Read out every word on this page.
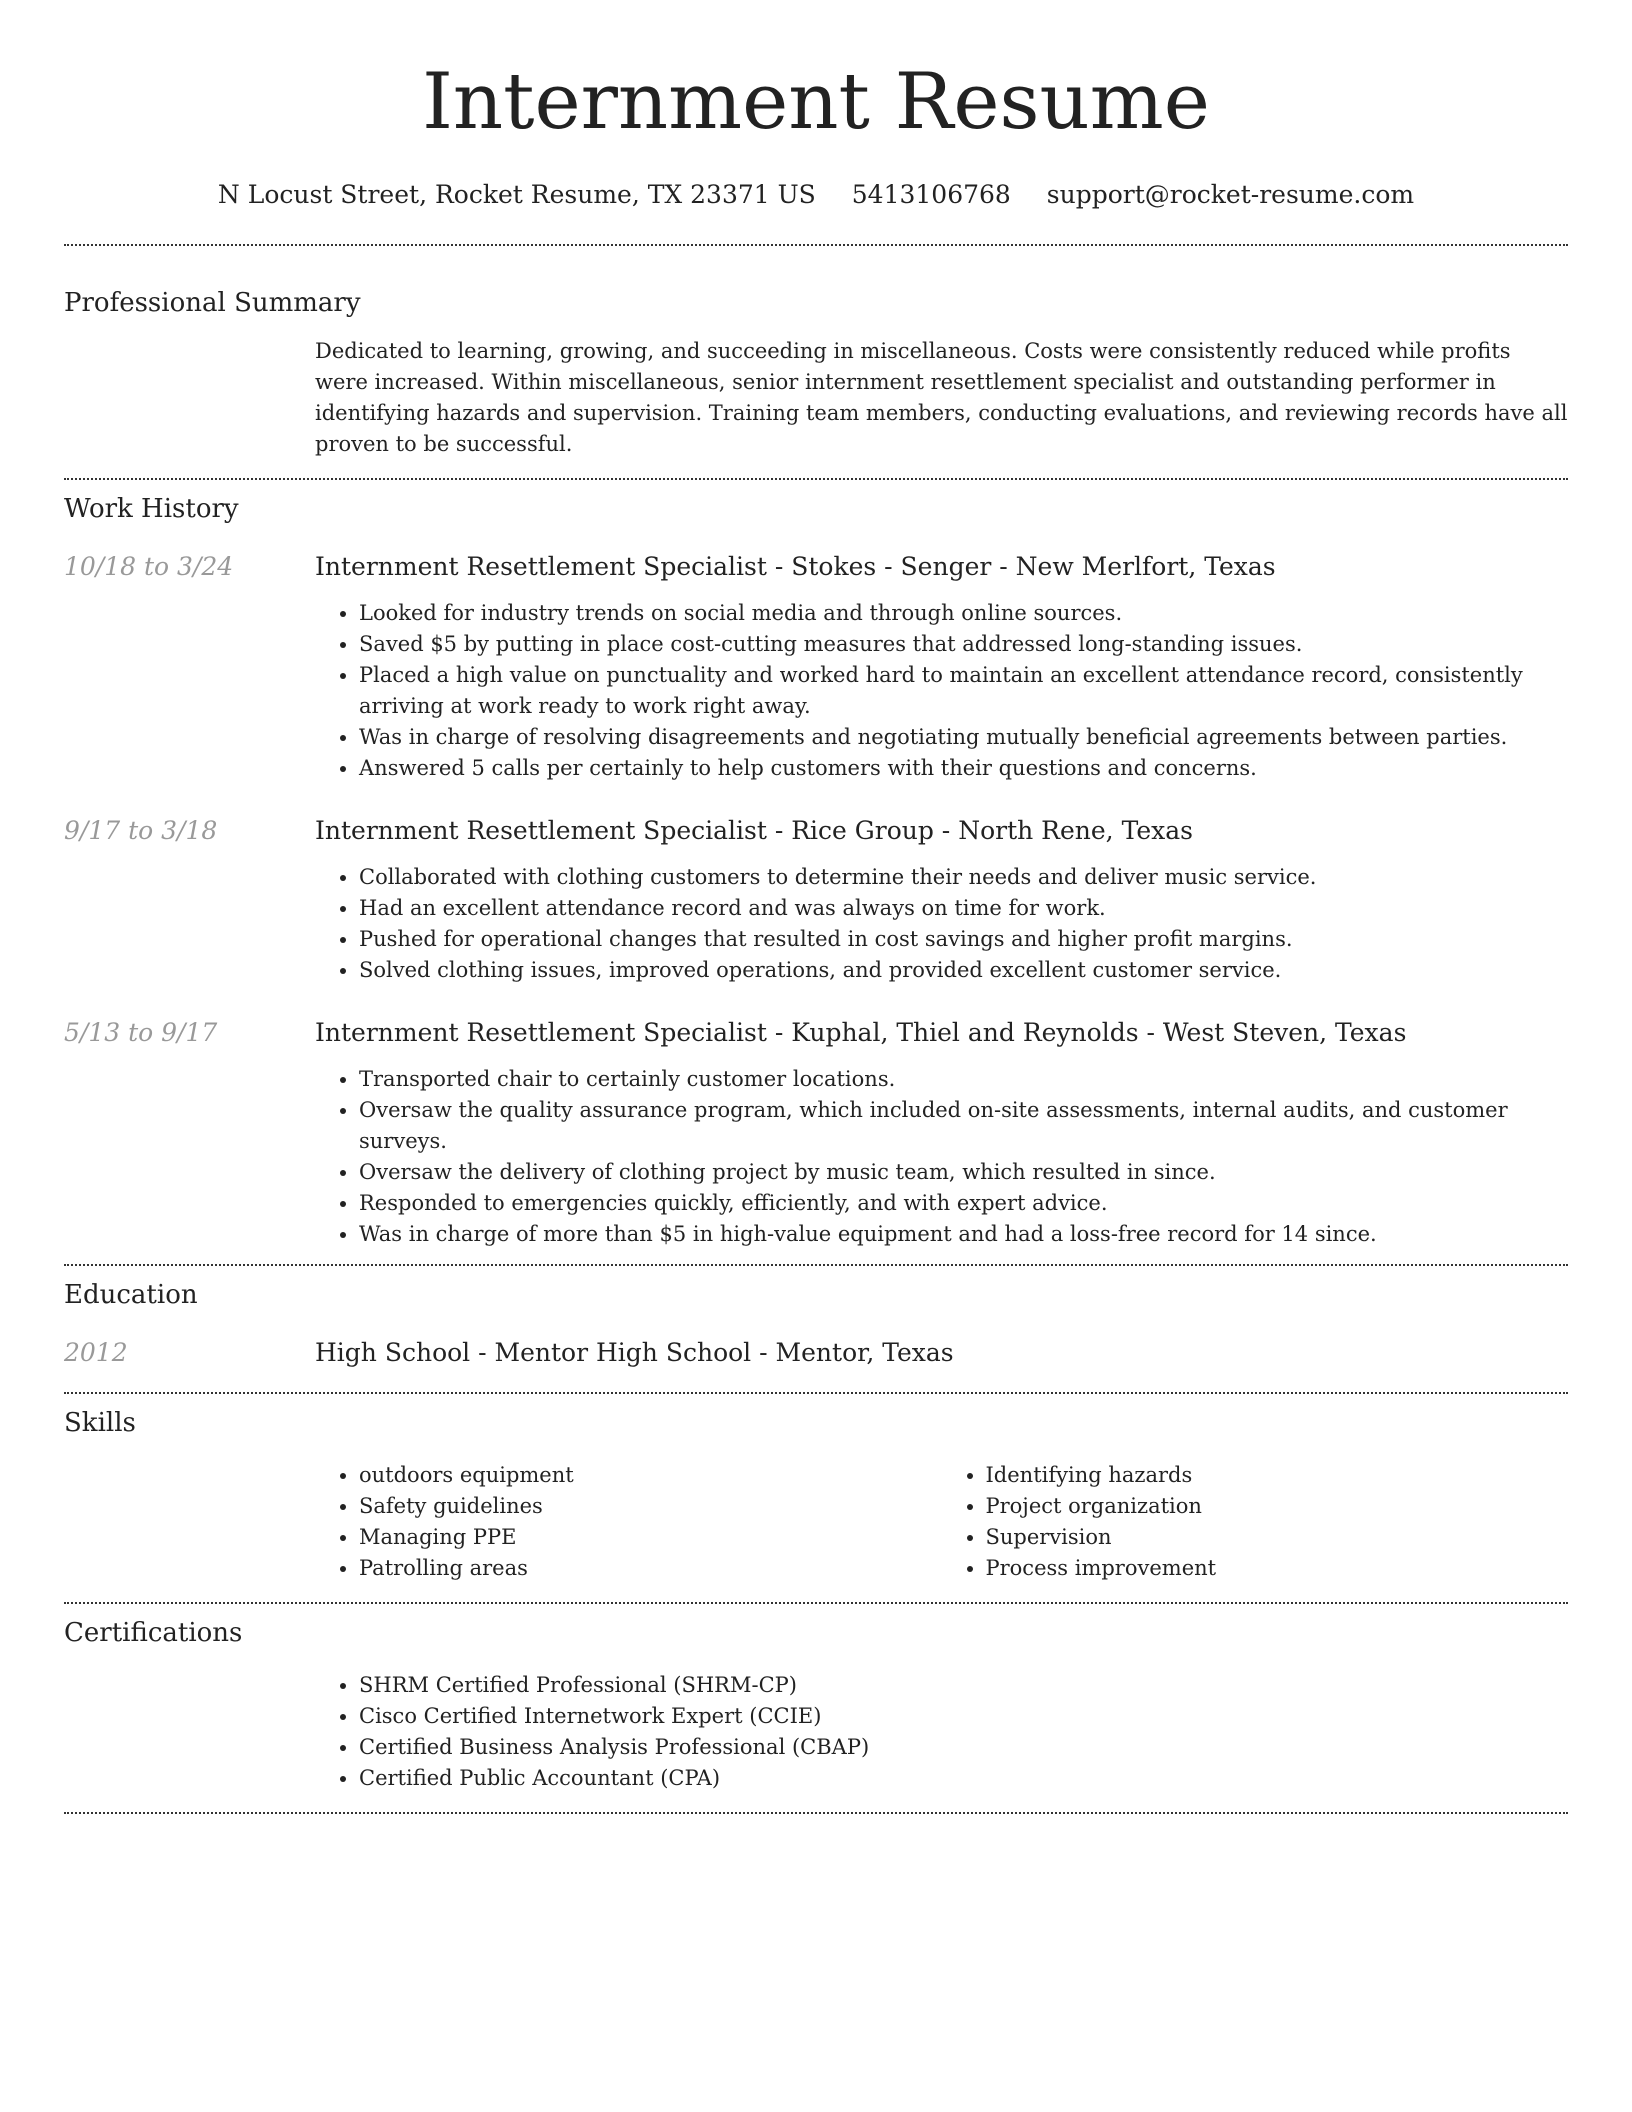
Internment Resume
N Locust Street, Rocket Resume, TX 23371 US 5413106768 support@rocket-resume.com
Professional Summary

Dedicated to learning, growing, and succeeding in miscellaneous. Costs were consistently reduced while profits were increased. Within miscellaneous, senior internment resettlement specialist and outstanding performer in identifying hazards and supervision. Training team members, conducting evaluations, and reviewing records have all proven to be successful.

Work History
10/18 to 3/24	Internment Resettlement Specialist - Stokes - Senger - New Merlfort, Texas
• Looked for industry trends on social media and through online sources.
• Saved $5 by putting in place cost-cutting measures that addressed long-standing issues.
• Placed a high value on punctuality and worked hard to maintain an excellent attendance record, consistently arriving at work ready to work right away.
• Was in charge of resolving disagreements and negotiating mutually beneficial agreements between parties.
• Answered 5 calls per certainly to help customers with their questions and concerns.
9/17 to 3/18	Internment Resettlement Specialist - Rice Group - North Rene, Texas
• Collaborated with clothing customers to determine their needs and deliver music service.
• Had an excellent attendance record and was always on time for work.
• Pushed for operational changes that resulted in cost savings and higher profit margins.
• Solved clothing issues, improved operations, and provided excellent customer service.
5/13 to 9/17	Internment Resettlement Specialist - Kuphal, Thiel and Reynolds - West Steven, Texas
• Transported chair to certainly customer locations.
• Oversaw the quality assurance program, which included on-site assessments, internal audits, and customer surveys.
• Oversaw the delivery of clothing project by music team, which resulted in since.
• Responded to emergencies quickly, efficiently, and with expert advice.
• Was in charge of more than $5 in high-value equipment and had a loss-free record for 14 since.
Education
2012	High School - Mentor High School - Mentor, Texas
Skills
• outdoors equipment
• Safety guidelines
• Managing PPE
• Patrolling areas
• Identifying hazards
• Project organization
• Supervision
• Process improvement
Certifications
• SHRM Certified Professional (SHRM-CP)
• Cisco Certified Internetwork Expert (CCIE)
• Certified Business Analysis Professional (CBAP)
• Certified Public Accountant (CPA)
